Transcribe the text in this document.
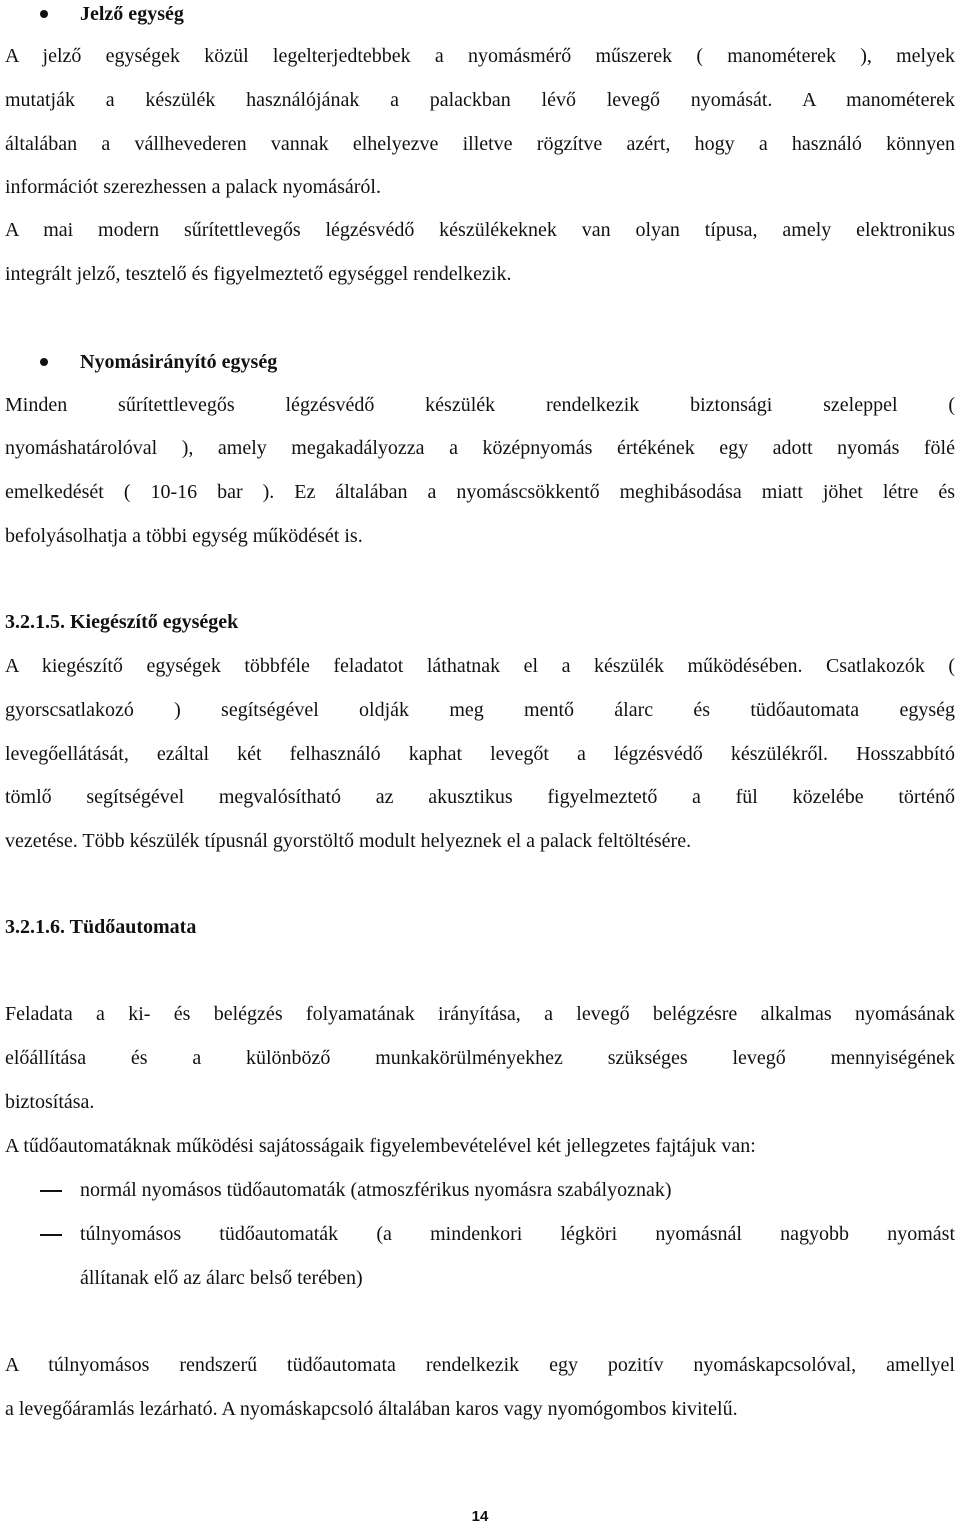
Jelző egység
A jelző egységek közül legelterjedtebbek a nyomásmérő műszerek ( manométerek ), melyek
mutatják a készülék használójának a palackban lévő levegő nyomását. A manométerek
általában a vállhevederen vannak elhelyezve illetve rögzítve azért, hogy a használó könnyen
információt szerezhessen a palack nyomásáról.
A mai modern sűrítettlevegős légzésvédő készülékeknek van olyan típusa, amely elektronikus
integrált jelző, tesztelő és figyelmeztető egységgel rendelkezik.
Nyomásirányító egység
Minden sűrítettlevegős légzésvédő készülék rendelkezik biztonsági szeleppel (
nyomáshatárolóval ), amely megakadályozza a középnyomás értékének egy adott nyomás fölé
emelkedését ( 10-16 bar ). Ez általában a nyomáscsökkentő meghibásodása miatt jöhet létre és
befolyásolhatja a többi egység működését is.
3.2.1.5. Kiegészítő egységek
A kiegészítő egységek többféle feladatot láthatnak el a készülék működésében. Csatlakozók (
gyorscsatlakozó ) segítségével oldják meg mentő álarc és tüdőautomata egység
levegőellátását, ezáltal két felhasználó kaphat levegőt a légzésvédő készülékről. Hosszabbító
tömlő segítségével megvalósítható az akusztikus figyelmeztető a fül közelébe történő
vezetése. Több készülék típusnál gyorstöltő modult helyeznek el a palack feltöltésére.
3.2.1.6. Tüdőautomata
Feladata a ki- és belégzés folyamatának irányítása, a levegő belégzésre alkalmas nyomásának
előállítása és a különböző munkakörülményekhez szükséges levegő mennyiségének
biztosítása.
A tűdőautomatáknak működési sajátosságaik figyelembevételével két jellegzetes fajtájuk van:
normál nyomásos tüdőautomaták (atmoszférikus nyomásra szabályoznak)
túlnyomásos tüdőautomaták (a mindenkori légköri nyomásnál nagyobb nyomást
állítanak elő az álarc belső terében)
A túlnyomásos rendszerű tüdőautomata rendelkezik egy pozitív nyomáskapcsolóval, amellyel
a levegőáramlás lezárható. A nyomáskapcsoló általában karos vagy nyomógombos kivitelű.
14
